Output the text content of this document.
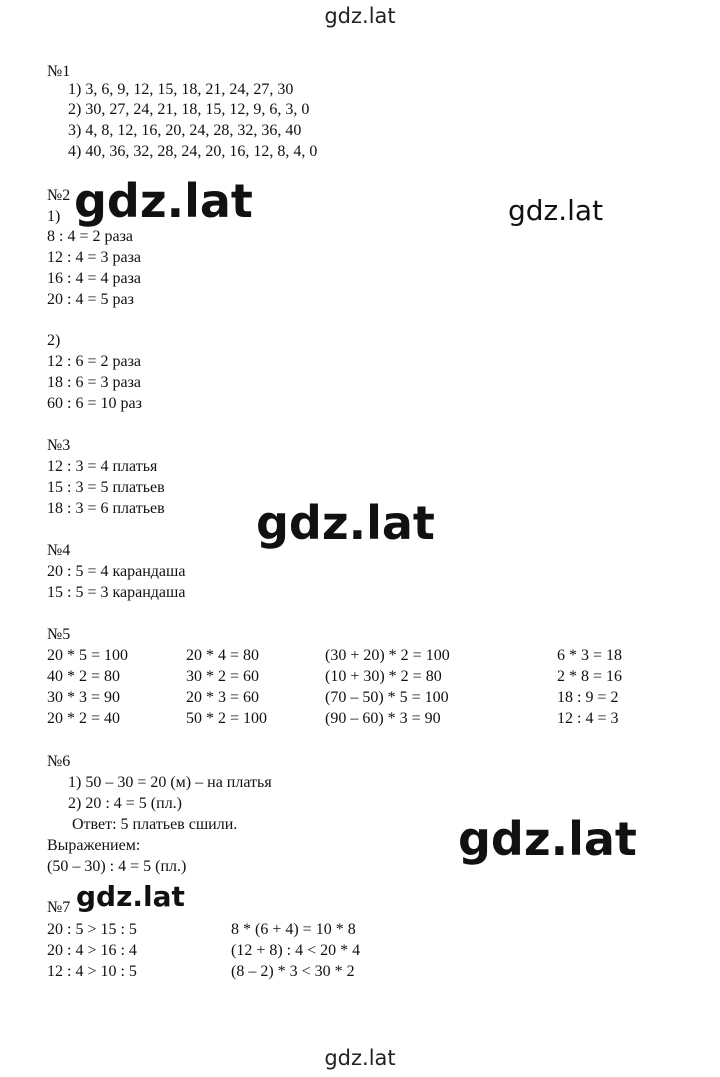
gdz.lat
gdz.lat	gdz.lat
gdz.lat
gdz.lat
gdz.lat
gdz.lat
№1
1) 3, 6, 9, 12, 15, 18, 21, 24, 27, 30
2) 30, 27, 24, 21, 18, 15, 12, 9, 6, 3, 0
3) 4, 8, 12, 16, 20, 24, 28, 32, 36, 40
4) 40, 36, 32, 28, 24, 20, 16, 12, 8, 4, 0
№2
1)
8 : 4 = 2 раза
12 : 4 = 3 раза
16 : 4 = 4 раза
20 : 4 = 5 раз
2)
12 : 6 = 2 раза
18 : 6 = 3 раза
60 : 6 = 10 раз
№3
12 : 3 = 4 платья
15 : 3 = 5 платьев
18 : 3 = 6 платьев
№4
20 : 5 = 4 карандаша
15 : 5 = 3 карандаша
№5
20 * 5 = 100
40 * 2 = 80
30 * 3 = 90
20 * 2 = 40
20 * 4 = 80
30 * 2 = 60
20 * 3 = 60
50 * 2 = 100
(30 + 20) * 2 = 100
(10 + 30) * 2 = 80
(70 – 50) * 5 = 100
(90 – 60) * 3 = 90
6 * 3 = 18
2 * 8 = 16
18 : 9 = 2
12 : 4 = 3
№6
1) 50 – 30 = 20 (м) – на платья
2) 20 : 4 = 5 (пл.)
Ответ: 5 платьев сшили.
Выражением:
(50 – 30) : 4 = 5 (пл.)
№7
20 : 5 > 15 : 5
20 : 4 > 16 : 4
12 : 4 > 10 : 5
8 * (6 + 4) = 10 * 8
(12 + 8) : 4 < 20 * 4
(8 – 2) * 3 < 30 * 2
